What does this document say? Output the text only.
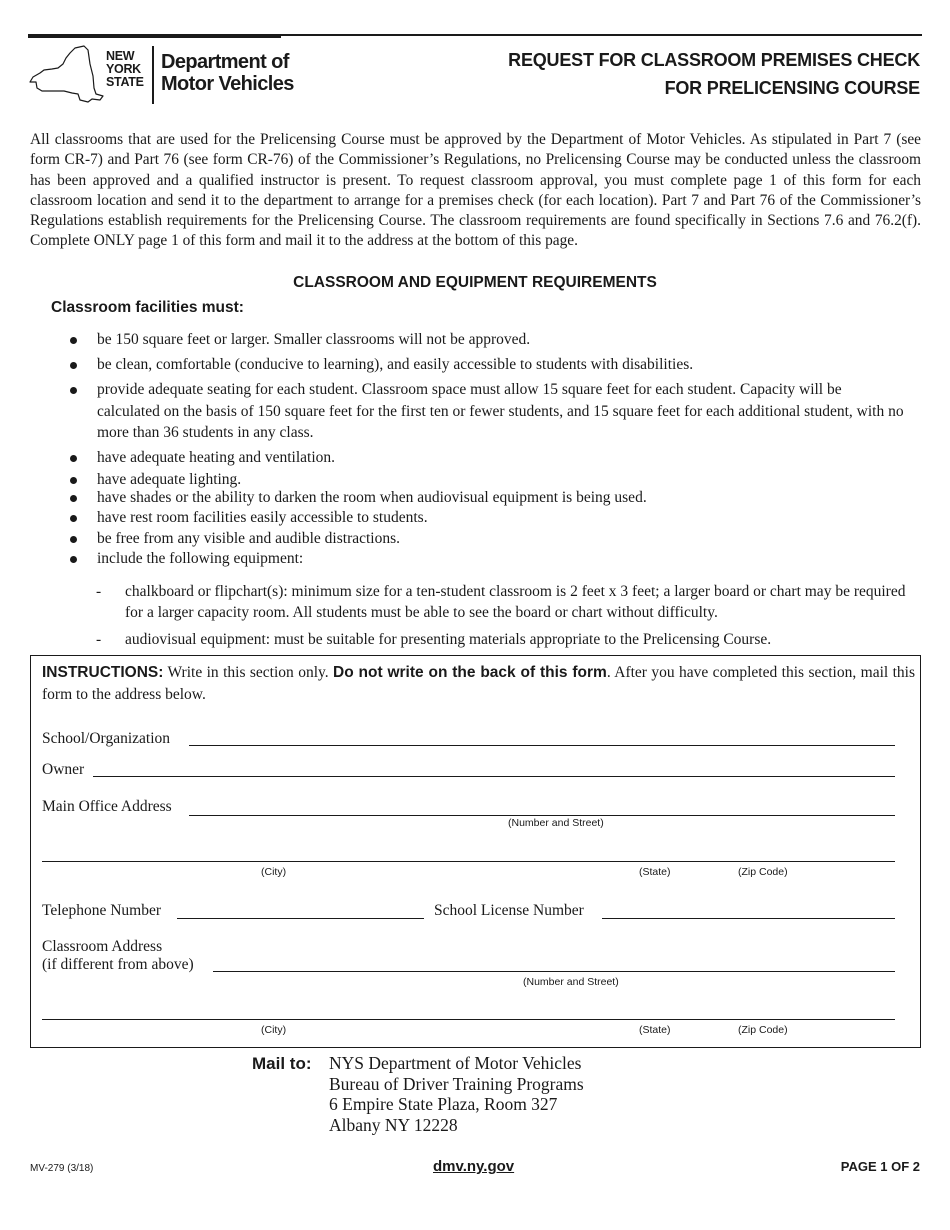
NEW
YORK
STATE
Department of
Motor Vehicles
REQUEST FOR CLASSROOM PREMISES CHECK
FOR PRELICENSING COURSE

All classrooms that are used for the Prelicensing Course must be approved by the Department of Motor Vehicles. As stipulated in Part 7 (see form CR-7) and Part 76 (see form CR-76) of the Commissioner’s Regulations, no Prelicensing Course may be conducted unless the classroom has been approved and a qualified instructor is present. To request classroom approval, you must complete page 1 of this form for each classroom location and send it to the department to arrange for a premises check (for each location). Part 7 and Part 76 of the Commissioner’s Regulations establish requirements for the Prelicensing Course. The classroom requirements are found specifically in Sections 7.6 and 76.2(f). Complete ONLY page 1 of this form and mail it to the address at the bottom of this page.

CLASSROOM AND EQUIPMENT REQUIREMENTS
Classroom facilities must:
be 150 square feet or larger. Smaller classrooms will not be approved.
be clean, comfortable (conducive to learning), and easily accessible to students with disabilities.
provide adequate seating for each student. Classroom space must allow 15 square feet for each student. Capacity will be calculated on the basis of 150 square feet for the first ten or fewer students, and 15 square feet for each additional student, with no more than 36 students in any class.
have adequate heating and ventilation.
have adequate lighting.
have shades or the ability to darken the room when audiovisual equipment is being used.
have rest room facilities easily accessible to students.
be free from any visible and audible distractions.
include the following equipment:
- chalkboard or flipchart(s): minimum size for a ten-student classroom is 2 feet x 3 feet; a larger board or chart may be required for a larger capacity room. All students must be able to see the board or chart without difficulty.
- audiovisual equipment: must be suitable for presenting materials appropriate to the Prelicensing Course.

INSTRUCTIONS: Write in this section only. Do not write on the back of this form. After you have completed this section, mail this form to the address below.

School/Organization
Owner
Main Office Address
(Number and Street)
(City)	(State)	(Zip Code)
Telephone Number	School License Number
Classroom Address
(if different from above)
(Number and Street)
(City)	(State)	(Zip Code)
Mail to: NYS Department of Motor Vehicles
Bureau of Driver Training Programs
6 Empire State Plaza, Room 327
Albany NY 12228
MV-279 (3/18)	dmv.ny.gov	PAGE 1 OF 2
